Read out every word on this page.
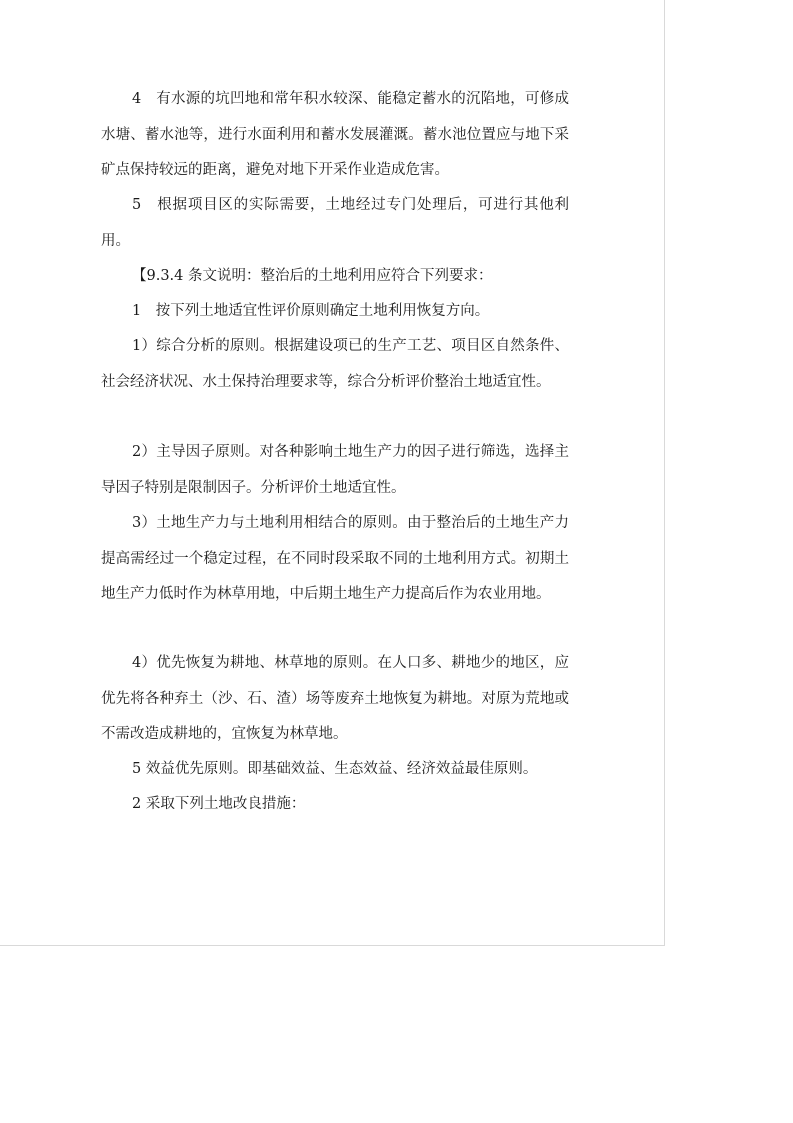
4　有水源的坑凹地和常年积水较深、能稳定蓄水的沉陷地，可修成水塘、蓄水池等，进行水面利用和蓄水发展灌溉。蓄水池位置应与地下采矿点保持较远的距离，避免对地下开采作业造成危害。

5　根据项目区的实际需要，土地经过专门处理后，可进行其他利用。

【9.3.4 条文说明：整治后的土地利用应符合下列要求：

1　按下列土地适宜性评价原则确定土地利用恢复方向。

1）综合分析的原则。根据建设项已的生产工艺、项目区自然条件、社会经济状况、水土保持治理要求等，综合分析评价整治土地适宜性。

2）主导因子原则。对各种影响土地生产力的因子进行筛选，选择主导因子特别是限制因子。分析评价土地适宜性。

3）土地生产力与土地利用相结合的原则。由于整治后的土地生产力提高需经过一个稳定过程，在不同时段采取不同的土地利用方式。初期土地生产力低时作为林草用地，中后期土地生产力提高后作为农业用地。

4）优先恢复为耕地、林草地的原则。在人口多、耕地少的地区，应优先将各种弃土（沙、石、渣）场等废弃土地恢复为耕地。对原为荒地或不需改造成耕地的，宜恢复为林草地。

5 效益优先原则。即基础效益、生态效益、经济效益最佳原则。

2 采取下列土地改良措施：
